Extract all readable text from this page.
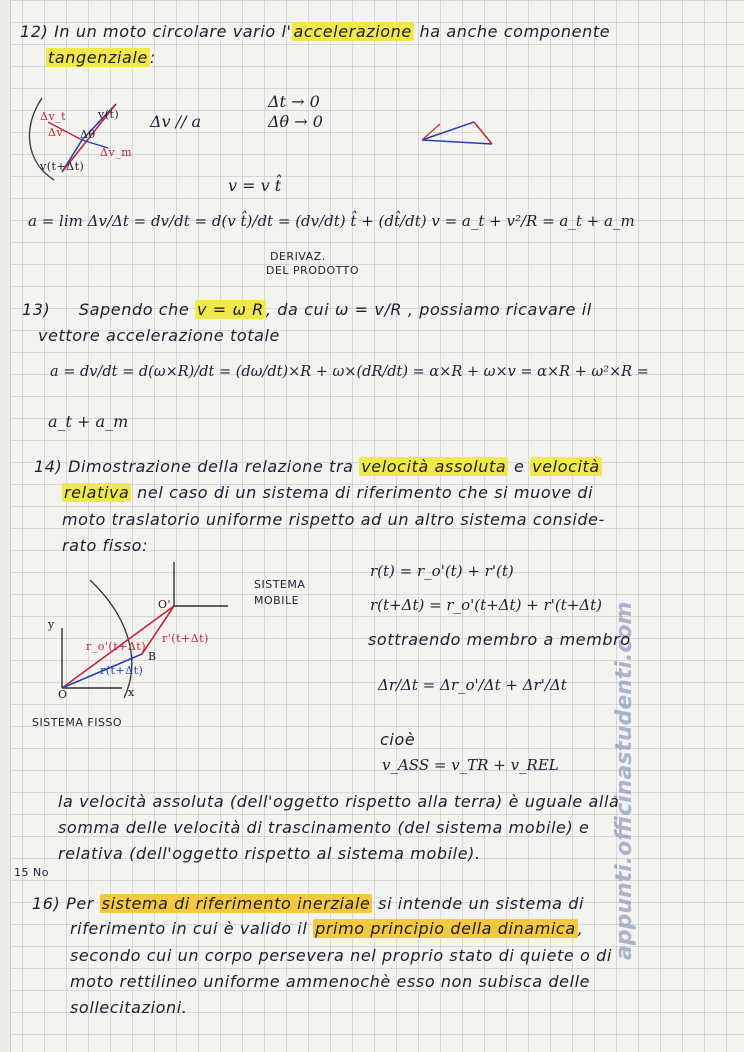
appunti.officinastudenti.com
12) In un moto circolare vario l' accelerazione ha anche componente
tangenziale :
Δv_t
Δv
v(t)
Δθ
Δv_m
v(t+Δt)
Δv // a
Δt → 0
Δθ → 0
v = v t̂
a = lim Δv/Δt = dv/dt = d(v t̂)/dt = (dv/dt) t̂ + (dt̂/dt) v = a_t + v²/R = a_t + a_m
DERIVAZ.
DEL PRODOTTO
13) Sapendo che v = ω R , da cui ω = v/R , possiamo ricavare il
vettore accelerazione totale
a = dv/dt = d(ω×R)/dt = (dω/dt)×R + ω×(dR/dt) = α×R + ω×v = α×R + ω²×R =
a_t + a_m
14) Dimostrazione della relazione tra velocità assoluta e velocità
relativa nel caso di un sistema di riferimento che si muove di
moto traslatorio uniforme rispetto ad un altro sistema conside-
rato fisso:
y
O	x
O'
r'(t+Δt)
r_o'(t+Δt)
r(t+Δt)
B
SISTEMA
MOBILE
SISTEMA FISSO
r(t) = r_o'(t) + r'(t)
r(t+Δt) = r_o'(t+Δt) + r'(t+Δt)
sottraendo membro a membro
Δr/Δt = Δr_o'/Δt + Δr'/Δt
cioè
v_ASS = v_TR + v_REL
la velocità assoluta (dell'oggetto rispetto alla terra) è uguale alla
somma delle velocità di trascinamento (del sistema mobile) e
relativa (dell'oggetto rispetto al sistema mobile).
15 No
16) Per sistema di riferimento inerziale si intende un sistema di
riferimento in cui è valido il primo principio della dinamica ,
secondo cui un corpo persevera nel proprio stato di quiete o di
moto rettilineo uniforme ammenochè esso non subisca delle
sollecitazioni.
